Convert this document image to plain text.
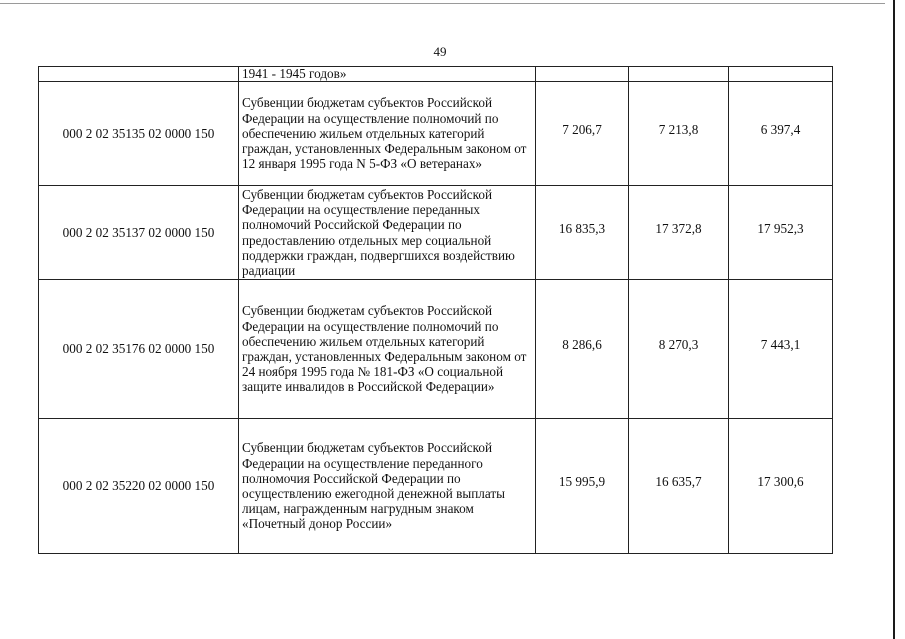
49
	1941 - 1945 годов»			
000 2 02 35135 02 0000 150	Субвенции бюджетам субъектов Российской Федерации на осуществление полномочий по обеспечению жильем отдельных категорий граждан, установленных Федеральным законом от 12 января 1995 года N 5-ФЗ «О ветеранах»	7 206,7	7 213,8	6 397,4
000 2 02 35137 02 0000 150	Субвенции бюджетам субъектов Российской Федерации на осуществление переданных полномочий Российской Федерации по предоставлению отдельных мер социальной поддержки граждан, подвергшихся воздействию радиации	16 835,3	17 372,8	17 952,3
000 2 02 35176 02 0000 150	Субвенции бюджетам субъектов Российской Федерации на осуществление полномочий по обеспечению жильем отдельных категорий граждан, установленных Федеральным законом от 24 ноября 1995 года № 181-ФЗ «О социальной защите инвалидов в Российской Федерации»	8 286,6	8 270,3	7 443,1
000 2 02 35220 02 0000 150	Субвенции бюджетам субъектов Российской Федерации на осуществление переданного полномочия Российской Федерации по осуществлению ежегодной денежной выплаты лицам, награжденным нагрудным знаком «Почетный донор России»	15 995,9	16 635,7	17 300,6
